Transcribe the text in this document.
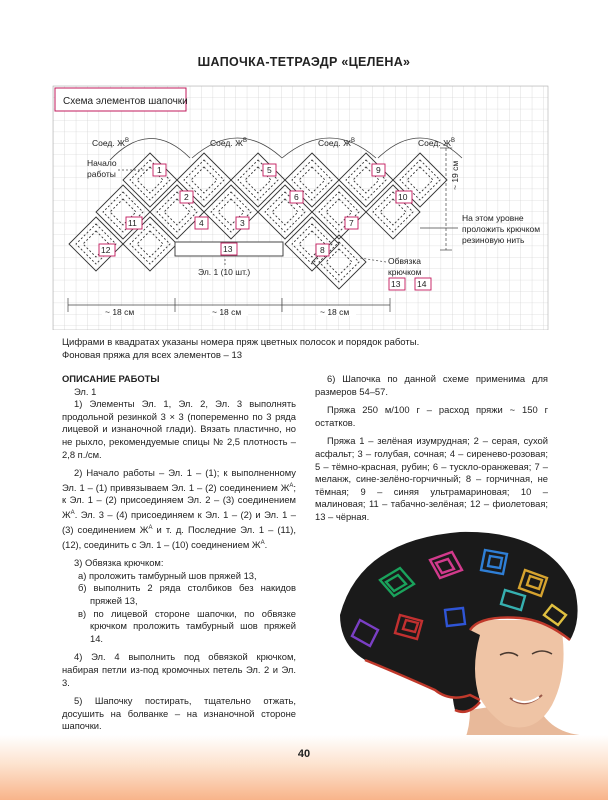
ШАПОЧКА-ТЕТРАЭДР «ЦЕЛЕНА»
Схема элементов шапочки
Соед. $Ж^В$	Соед. $Ж^В$	Соед. $Ж^В$	Соед. $Ж^В$
Начало
работы
Эл. 1 (10 шт.)
1
2
3
4
5
6
7
8
9
10
11
12	13
13 14
Обвязка
крючком
~ 19 см
На этом уровне
проложить крючком
резиновую нить
~ 18 см	~ 18 см	~ 18 см
Цифрами в квадратах указаны номера пряж цветных полосок и порядок работы.
Фоновая пряжа для всех элементов – 13

ОПИСАНИЕ РАБОТЫ

Эл. 1

1) Элементы Эл. 1, Эл. 2, Эл. 3 выполнять продольной резинкой 3 × 3 (попеременно по 3 ряда лицевой и изнаночной глади). Вязать пластично, но не рыхло, рекомендуемые спицы № 2,5 плотность – 2,8 п./см.

2) Начало работы – Эл. 1 – (1); к выполненному Эл. 1 – (1) привязываем Эл. 1 – (2) соединением $Ж^А$; к Эл. 1 – (2) присоединяем Эл. 2 – (3) соединением $Ж^А$. Эл. 3 – (4) присоединяем к Эл. 1 – (2) и Эл. 1 – (3) соединением $Ж^А$ и т. д. Последние Эл. 1 – (11), (12), соединить с Эл. 1 – (10) соединением $Ж^А$.

3) Обвязка крючком:

а) проложить тамбурный шов пряжей 13,

б) выполнить 2 ряда столбиков без накидов пряжей 13,

в) по лицевой стороне шапочки, по обвязке крючком проложить тамбурный шов пряжей 14.

4) Эл. 4 выполнить под обвязкой крючком, набирая петли из-под кромочных петель Эл. 2 и Эл. 3.

5) Шапочку постирать, тщательно отжать, досушить на болванке – на изнаночной стороне шапочки.

6) Шапочка по данной схеме применима для размеров 54–57.

Пряжа 250 м/100 г – расход пряжи ~ 150 г остатков.

Пряжа 1 – зелёная изумрудная; 2 – серая, сухой асфальт; 3 – голубая, сочная; 4 – сиренево-розовая; 5 – тёмно-красная, рубин; 6 – тускло-оранжевая; 7 – меланж, сине-зелёно-горчичный; 8 – горчичная, не тёмная; 9 – синяя ультрамариновая; 10 – малиновая; 11 – табачно-зелёная; 12 – фиолетовая; 13 – чёрная.

40
